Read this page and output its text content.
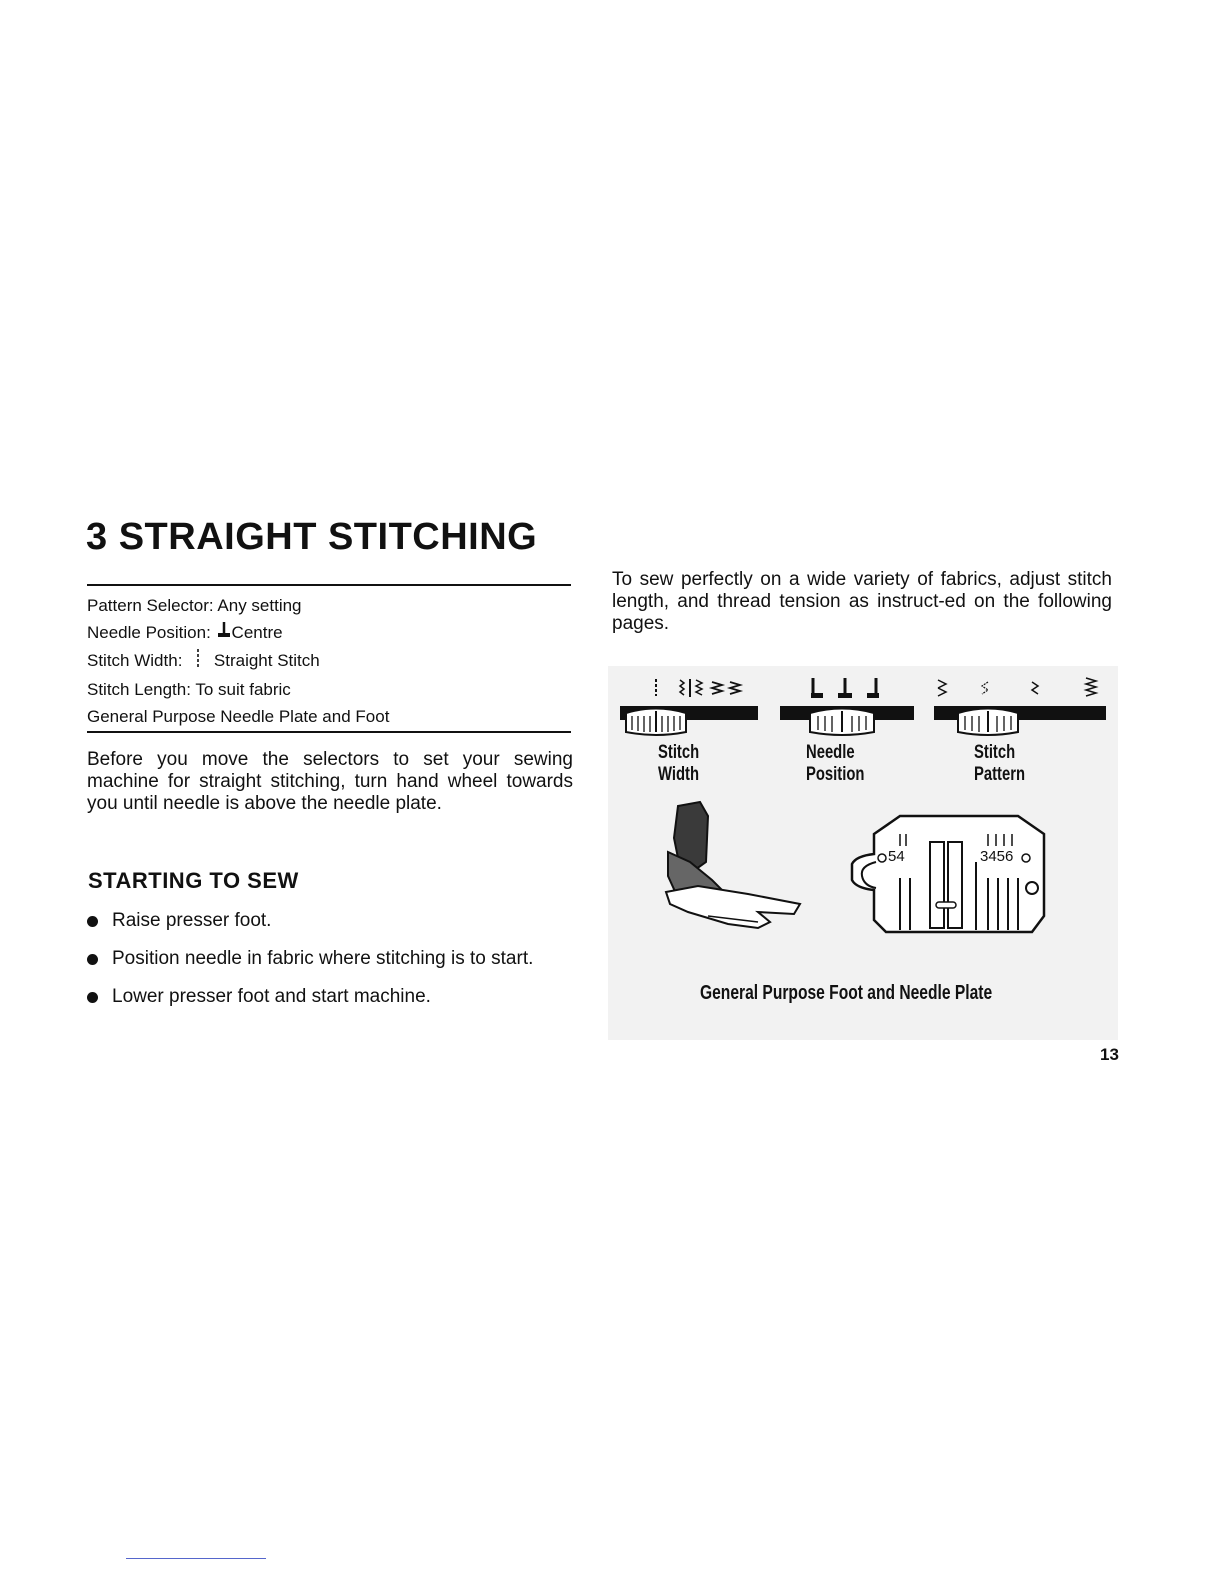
3 STRAIGHT STITCHING
Pattern Selector: Any setting
Needle Position: Centre
Stitch Width: Straight Stitch
Stitch Length: To suit fabric
General Purpose Needle Plate and Foot

Before you move the selectors to set your sewing machine for straight stitching, turn hand wheel towards you until needle is above the needle plate.

STARTING TO SEW
Raise presser foot.
Position needle in fabric where stitching is to start.
Lower presser foot and start machine.

To sew perfectly on a wide variety of fabrics, adjust stitch length, and thread tension as instruct-ed on the following pages.

Stitch
Width
Needle
Position
Stitch
Pattern
54	3456
General Purpose Foot and Needle Plate
13
